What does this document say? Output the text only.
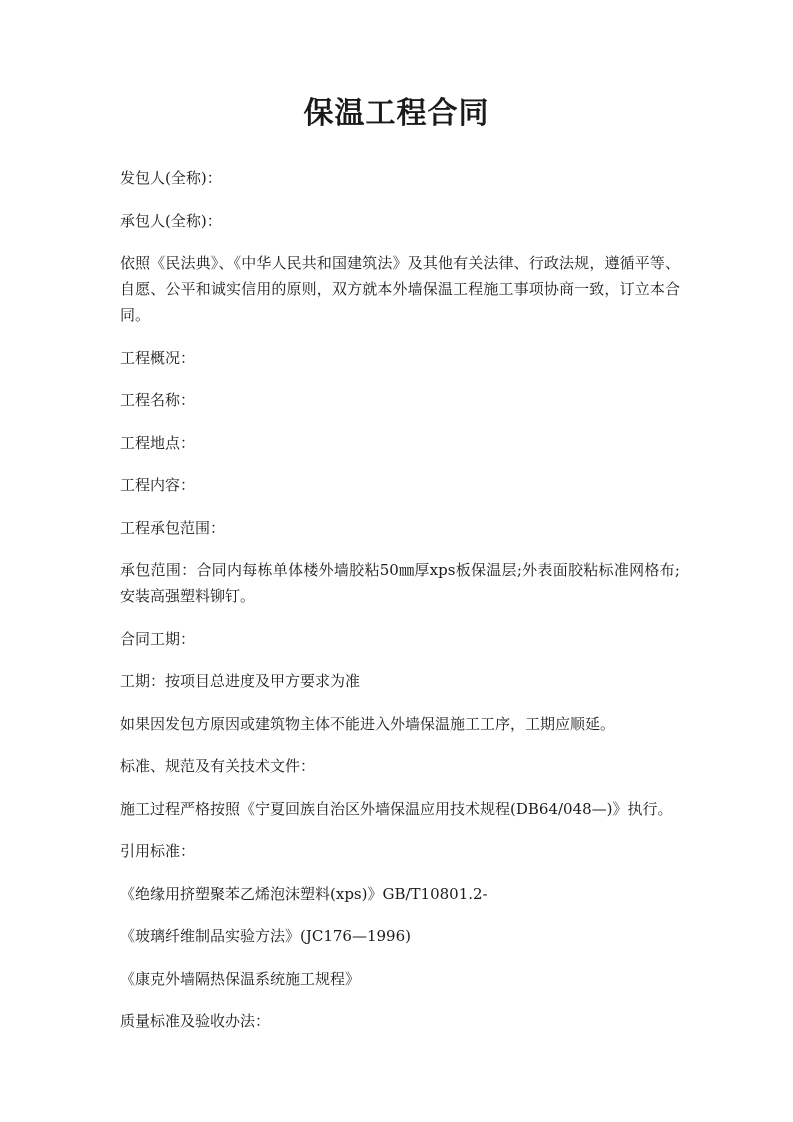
保温工程合同

发包人(全称)：

承包人(全称)：

依照《民法典》、《中华人民共和国建筑法》及其他有关法律、行政法规，遵循平等、自愿、公平和诚实信用的原则，双方就本外墙保温工程施工事项协商一致，订立本合同。

工程概况：

工程名称：

工程地点：

工程内容：

工程承包范围：

承包范围：合同内每栋单体楼外墙胶粘50㎜厚xps板保温层;外表面胶粘标准网格布;安装高强塑料铆钉。

合同工期：

工期：按项目总进度及甲方要求为准

如果因发包方原因或建筑物主体不能进入外墙保温施工工序，工期应顺延。

标准、规范及有关技术文件：

施工过程严格按照《宁夏回族自治区外墙保温应用技术规程(DB64/048—)》执行。

引用标准：

《绝缘用挤塑聚苯乙烯泡沫塑料(xps)》GB/T10801.2-

《玻璃纤维制品实验方法》(JC176—1996)

《康克外墙隔热保温系统施工规程》

质量标准及验收办法：
